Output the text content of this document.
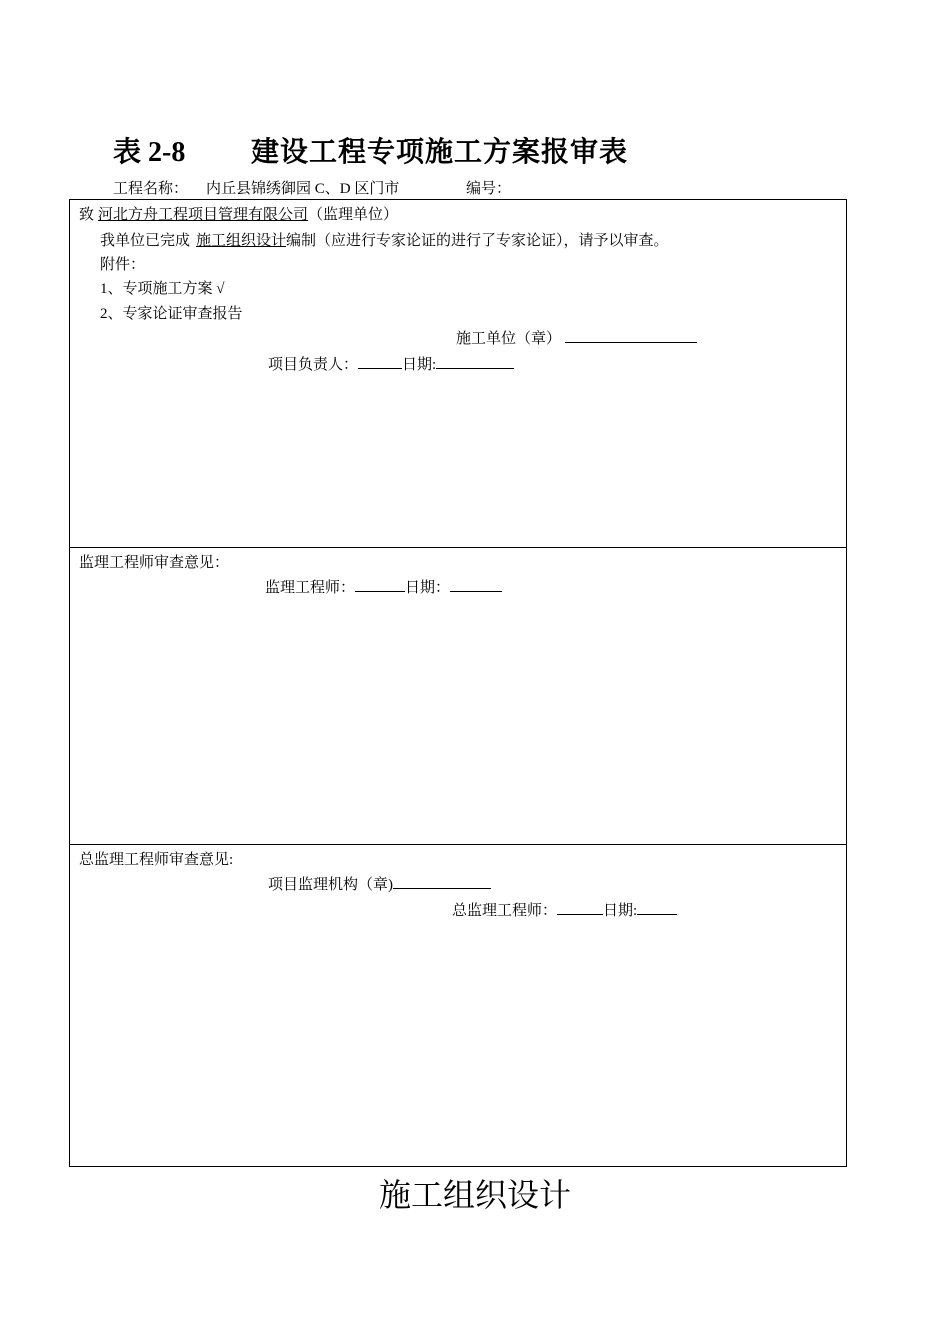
表 2-8 建设工程专项施工方案报审表
工程名称： 内丘县锦绣御园 C、D 区门市	编号：
致 河北方舟工程项目管理有限公司（监理单位）
我单位已完成 施工组织设计编制（应进行专家论证的进行了专家论证），请予以审查。
附件：
1、专项施工方案 √
2、专家论证审查报告
施工单位（章）
项目负责人：	日期:
监理工程师审查意见：
监理工程师：	日期：
总监理工程师审查意见:
项目监理机构（章)
总监理工程师：	日期:
施工组织设计
